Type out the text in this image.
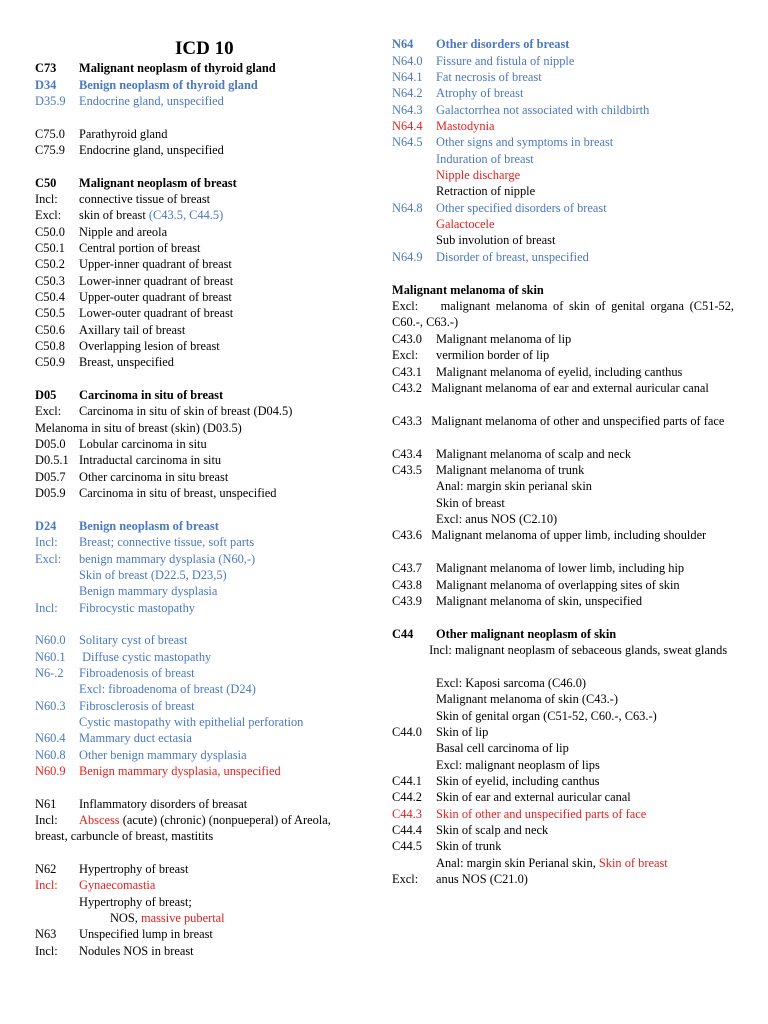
ICD 10
C73 Malignant neoplasm of thyroid gland
D34 Benign neoplasm of thyroid gland
D35.9 Endocrine gland, unspecified
C75.0 Parathyroid gland
C75.9 Endocrine gland, unspecified
C50 Malignant neoplasm of breast
Incl: connective tissue of breast
Excl: skin of breast (C43.5, C44.5)
C50.0 Nipple and areola
C50.1 Central portion of breast
C50.2 Upper-inner quadrant of breast
C50.3 Lower-inner quadrant of breast
C50.4 Upper-outer quadrant of breast
C50.5 Lower-outer quadrant of breast
C50.6 Axillary tail of breast
C50.8 Overlapping lesion of breast
C50.9 Breast, unspecified
D05 Carcinoma in situ of breast
Excl: Carcinoma in situ of skin of breast (D04.5)
Melanoma in situ of breast (skin) (D03.5)
D05.0 Lobular carcinoma in situ
D0.5.1 Intraductal carcinoma in situ
D05.7 Other carcinoma in situ breast
D05.9 Carcinoma in situ of breast, unspecified
D24 Benign neoplasm of breast
Incl: Breast; connective tissue, soft parts
Excl: benign mammary dysplasia (N60,-)
Skin of breast (D22.5, D23,5)
Benign mammary dysplasia
Incl: Fibrocystic mastopathy
N60.0 Solitary cyst of breast
N60.1 Diffuse cystic mastopathy
N6-.2 Fibroadenosis of breast
Excl: fibroadenoma of breast (D24)
N60.3 Fibrosclerosis of breast
Cystic mastopathy with epithelial perforation
N60.4 Mammary duct ectasia
N60.8 Other benign mammary dysplasia
N60.9 Benign mammary dysplasia, unspecified
N61 Inflammatory disorders of breasat
Incl: Abscess (acute) (chronic) (nonpueperal) of Areola,
breast, carbuncle of breast, mastitits
N62 Hypertrophy of breast
Incl: Gynaecomastia
Hypertrophy of breast;
NOS, massive pubertal
N63 Unspecified lump in breast
Incl: Nodules NOS in breast
N64 Other disorders of breast
N64.0 Fissure and fistula of nipple
N64.1 Fat necrosis of breast
N64.2 Atrophy of breast
N64.3 Galactorrhea not associated with childbirth
N64.4 Mastodynia
N64.5 Other signs and symptoms in breast
Induration of breast
Nipple discharge
Retraction of nipple
N64.8 Other specified disorders of breast
Galactocele
Sub involution of breast
N64.9 Disorder of breast, unspecified
Malignant melanoma of skin
Excl:    malignant melanoma of skin of genital organa (C51-52, C60.-, C63.-)
C43.0 Malignant melanoma of lip
Excl: vermilion border of lip
C43.1 Malignant melanoma of eyelid, including canthus
C43.2   Malignant melanoma of ear and external auricular canal
C43.3   Malignant melanoma of other and unspecified parts of face
C43.4 Malignant melanoma of scalp and neck
C43.5 Malignant melanoma of trunk
Anal: margin skin perianal skin
Skin of breast
Excl: anus NOS (C2.10)
C43.6   Malignant melanoma of upper limb, including shoulder
C43.7 Malignant melanoma of lower limb, including hip
C43.8 Malignant melanoma of overlapping sites of skin
C43.9 Malignant melanoma of skin, unspecified
C44 Other malignant neoplasm of skin
Incl: malignant neoplasm of sebaceous glands, sweat glands
Excl: Kaposi sarcoma (C46.0)
Malignant melanoma of skin (C43.-)
Skin of genital organ (C51-52, C60.-, C63.-)
C44.0 Skin of lip
Basal cell carcinoma of lip
Excl: malignant neoplasm of lips
C44.1 Skin of eyelid, including canthus
C44.2 Skin of ear and external auricular canal
C44.3 Skin of other and unspecified parts of face
C44.4 Skin of scalp and neck
C44.5 Skin of trunk
Anal: margin skin Perianal skin, Skin of breast
Excl: anus NOS (C21.0)
